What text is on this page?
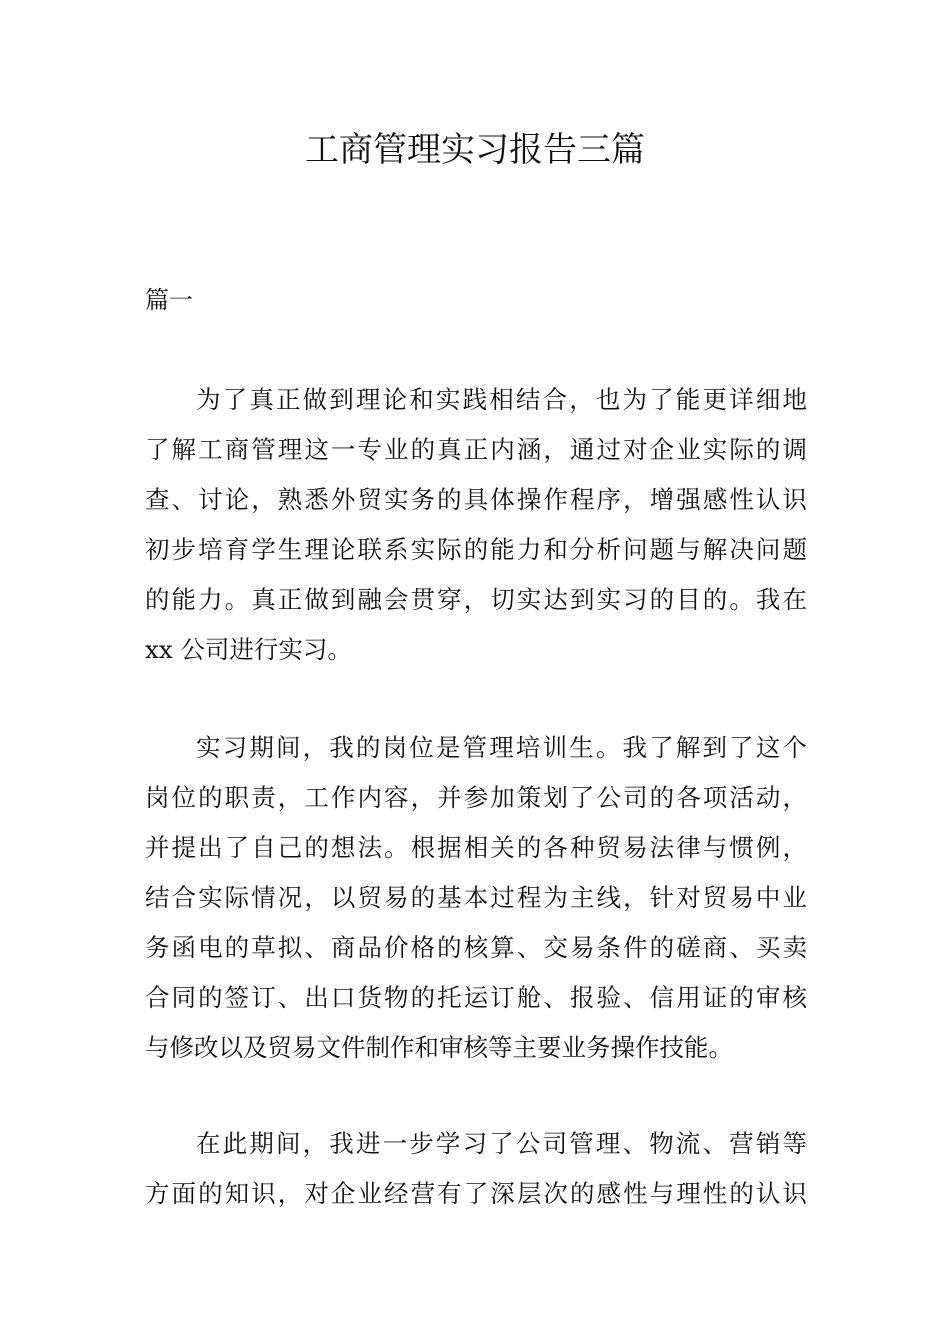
工商管理实习报告三篇

篇一

为了真正做到理论和实践相结合，也为了能更详细地
了解工商管理这一专业的真正内涵，通过对企业实际的调
查、讨论，熟悉外贸实务的具体操作程序，增强感性认识
初步培育学生理论联系实际的能力和分析问题与解决问题
的能力。真正做到融会贯穿，切实达到实习的目的。我在
xx 公司进行实习。
实习期间，我的岗位是管理培训生。我了解到了这个
岗位的职责，工作内容，并参加策划了公司的各项活动，
并提出了自己的想法。根据相关的各种贸易法律与惯例，
结合实际情况，以贸易的基本过程为主线，针对贸易中业
务函电的草拟、商品价格的核算、交易条件的磋商、买卖
合同的签订、出口货物的托运订舱、报验、信用证的审核
与修改以及贸易文件制作和审核等主要业务操作技能。
在此期间，我进一步学习了公司管理、物流、营销等
方面的知识，对企业经营有了深层次的感性与理性的认识
